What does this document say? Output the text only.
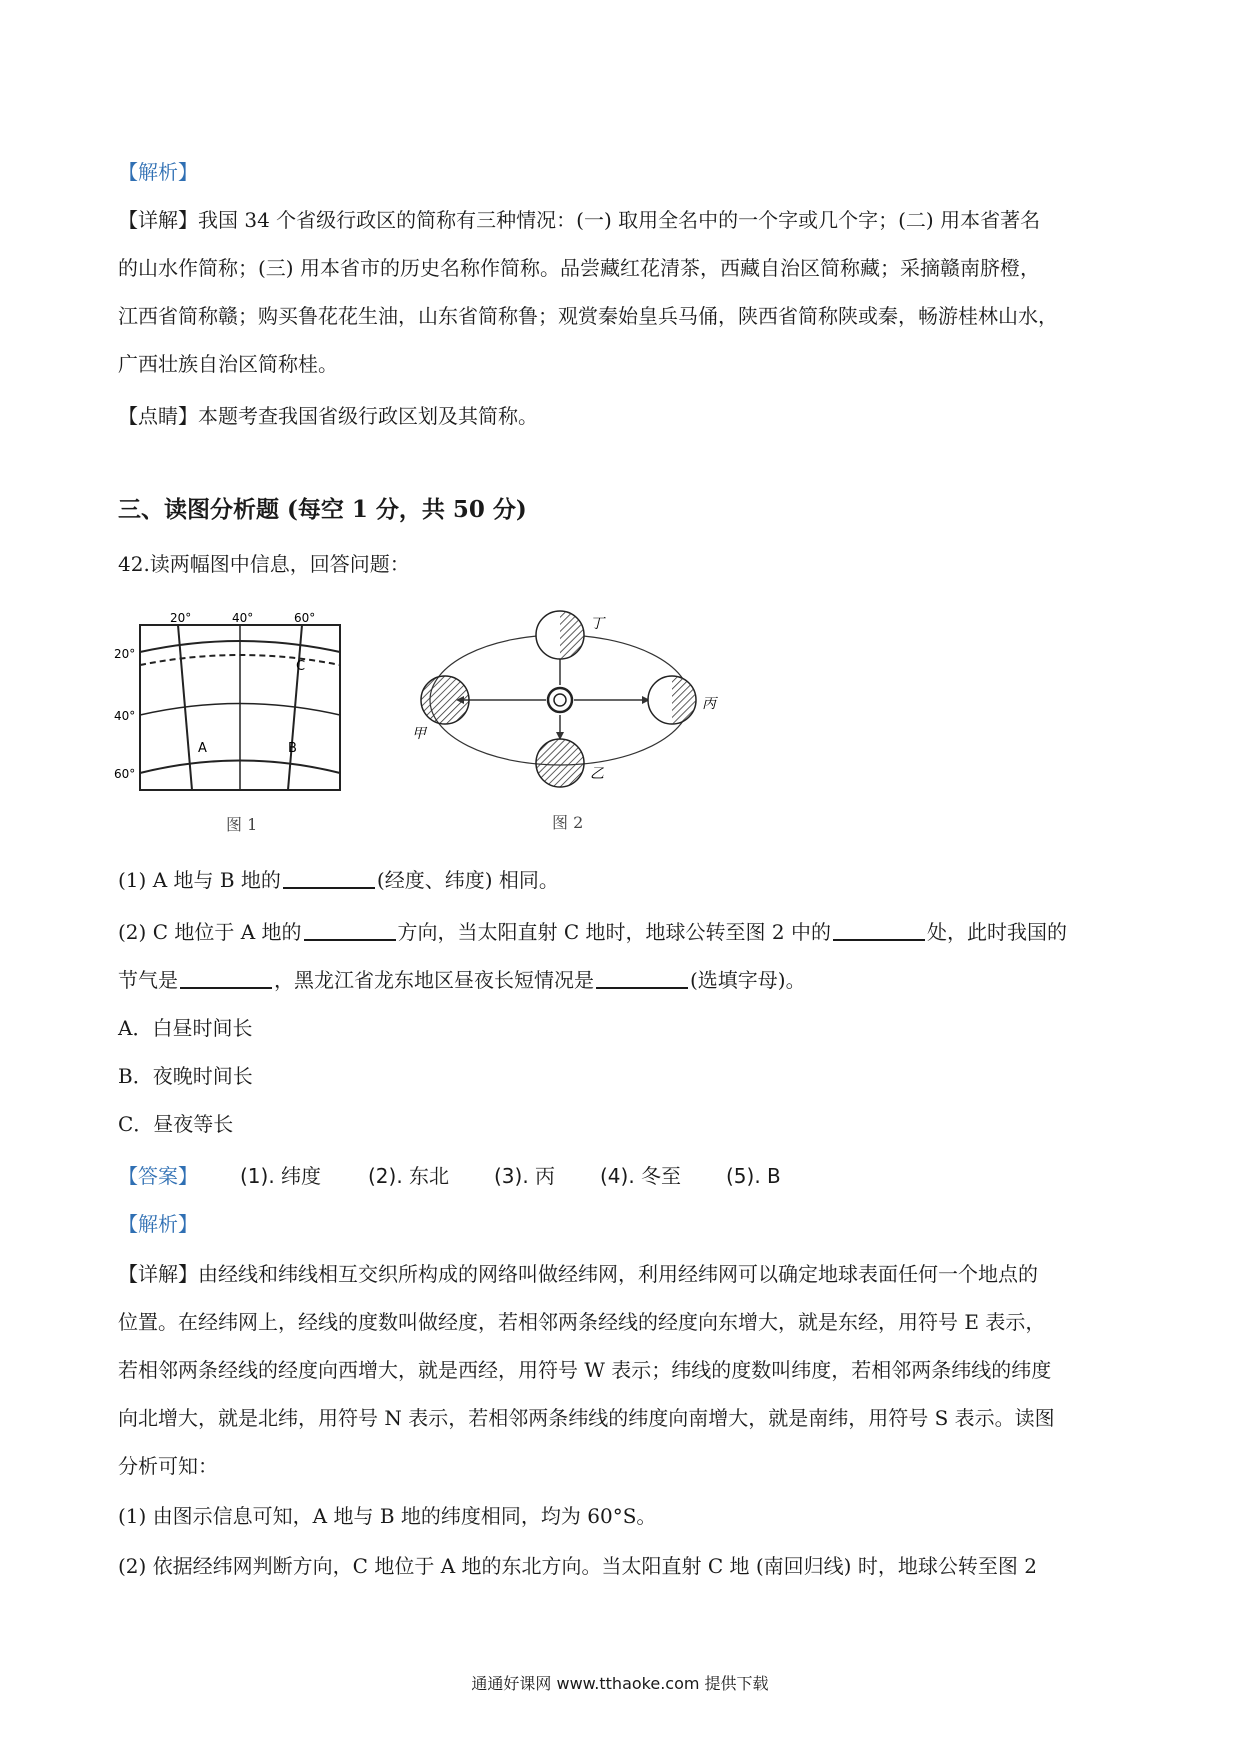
【解析】
【详解】我国 34 个省级行政区的简称有三种情况：(一) 取用全名中的一个字或几个字；(二) 用本省著名
的山水作简称；(三) 用本省市的历史名称作简称。品尝藏红花清茶，西藏自治区简称藏；采摘赣南脐橙，
江西省简称赣；购买鲁花花生油，山东省简称鲁；观赏秦始皇兵马俑，陕西省简称陕或秦，畅游桂林山水，
广西壮族自治区简称桂。
【点睛】本题考查我国省级行政区划及其简称。
三、读图分析题 (每空 1 分，共 50 分)
42.读两幅图中信息，回答问题：
20°	40°	60°
20°
40°
60°
A	B
C
图 1
丁
丙
乙
甲
图 2
(1) A 地与 B 地的	(经度、纬度) 相同。
(2) C 地位于 A 地的	方向，当太阳直射 C 地时，地球公转至图 2 中的	处，此时我国的
节气是	，黑龙江省龙东地区昼夜长短情况是	(选填字母)。
A．白昼时间长
B．夜晚时间长
C．昼夜等长
【答案】 (1). 纬度 (2). 东北 (3). 丙 (4). 冬至 (5). B
【解析】
【详解】由经线和纬线相互交织所构成的网络叫做经纬网，利用经纬网可以确定地球表面任何一个地点的
位置。在经纬网上，经线的度数叫做经度，若相邻两条经线的经度向东增大，就是东经，用符号 E 表示，
若相邻两条经线的经度向西增大，就是西经，用符号 W 表示；纬线的度数叫纬度，若相邻两条纬线的纬度
向北增大，就是北纬，用符号 N 表示，若相邻两条纬线的纬度向南增大，就是南纬，用符号 S 表示。读图
分析可知：
(1) 由图示信息可知，A 地与 B 地的纬度相同，均为 60°S。
(2) 依据经纬网判断方向，C 地位于 A 地的东北方向。当太阳直射 C 地 (南回归线) 时，地球公转至图 2
通通好课网 www.tthaoke.com 提供下载
